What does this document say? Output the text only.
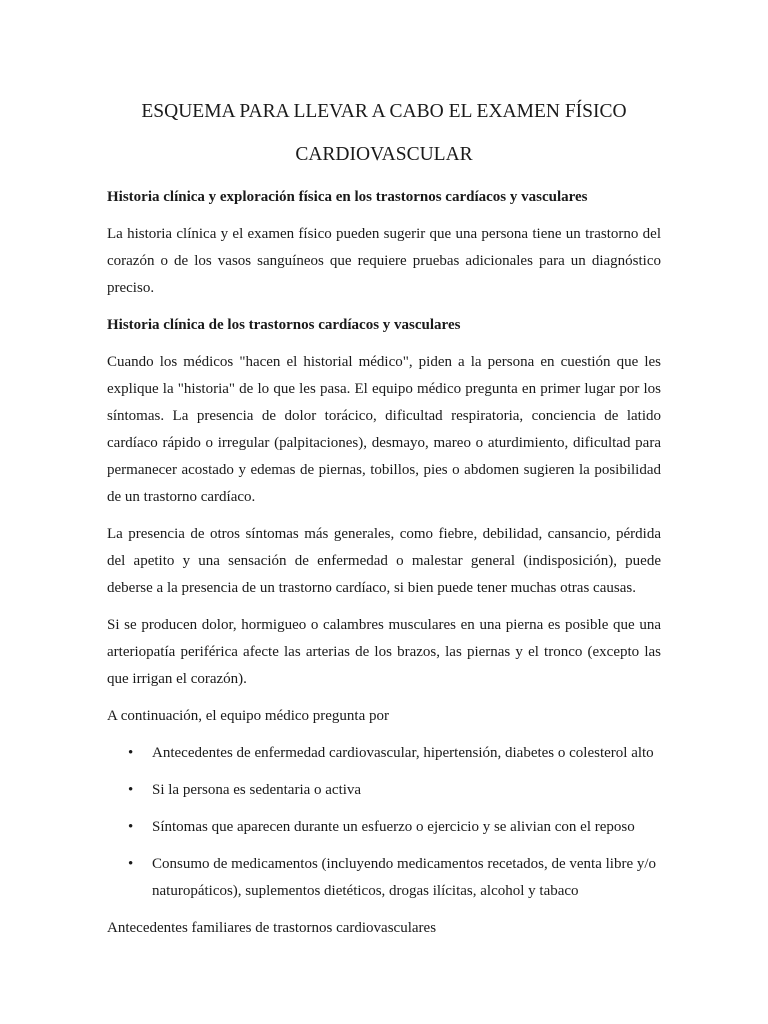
ESQUEMA PARA LLEVAR A CABO EL EXAMEN FÍSICO
CARDIOVASCULAR

Historia clínica y exploración física en los trastornos cardíacos y vasculares

La historia clínica y el examen físico pueden sugerir que una persona tiene un trastorno del corazón o de los vasos sanguíneos que requiere pruebas adicionales para un diagnóstico preciso.

Historia clínica de los trastornos cardíacos y vasculares

Cuando los médicos "hacen el historial médico", piden a la persona en cuestión que les explique la "historia" de lo que les pasa. El equipo médico pregunta en primer lugar por los síntomas. La presencia de dolor torácico, dificultad respiratoria, conciencia de latido cardíaco rápido o irregular (palpitaciones), desmayo, mareo o aturdimiento, dificultad para permanecer acostado y edemas de piernas, tobillos, pies o abdomen sugieren la posibilidad de un trastorno cardíaco.

La presencia de otros síntomas más generales, como fiebre, debilidad, cansancio, pérdida del apetito y una sensación de enfermedad o malestar general (indisposición), puede deberse a la presencia de un trastorno cardíaco, si bien puede tener muchas otras causas.

Si se producen dolor, hormigueo o calambres musculares en una pierna es posible que una arteriopatía periférica afecte las arterias de los brazos, las piernas y el tronco (excepto las que irrigan el corazón).

A continuación, el equipo médico pregunta por

• Antecedentes de enfermedad cardiovascular, hipertensión, diabetes o colesterol alto
• Si la persona es sedentaria o activa
• Síntomas que aparecen durante un esfuerzo o ejercicio y se alivian con el reposo
• Consumo de medicamentos (incluyendo medicamentos recetados, de venta libre y/o naturopáticos), suplementos dietéticos, drogas ilícitas, alcohol y tabaco

Antecedentes familiares de trastornos cardiovasculares
